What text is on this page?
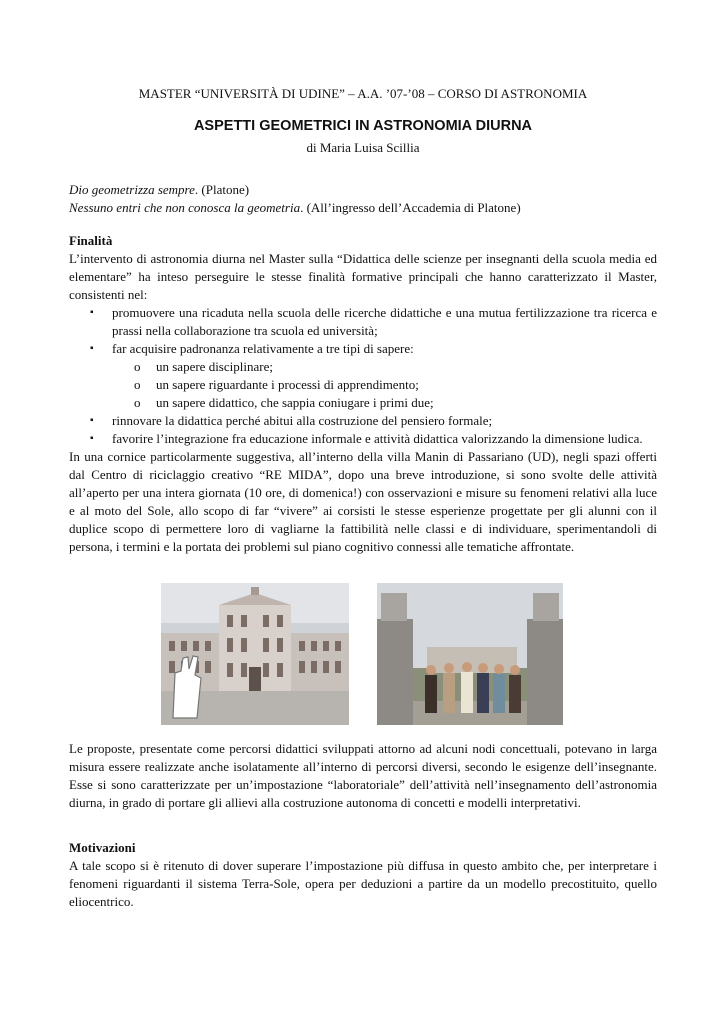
MASTER “UNIVERSITÀ DI UDINE” – A.A. ’07-’08 – CORSO DI ASTRONOMIA
ASPETTI GEOMETRICI IN ASTRONOMIA DIURNA
di Maria Luisa Scillia
Dio geometrizza sempre. (Platone)
Nessuno entri che non conosca la geometria. (All’ingresso dell’Accademia di Platone)
Finalità

L’intervento di astronomia diurna nel Master sulla “Didattica delle scienze per insegnanti della scuola media ed elementare” ha inteso perseguire le stesse finalità formative principali che hanno caratterizzato il Master, consistenti nel:

▪ promuovere una ricaduta nella scuola delle ricerche didattiche e una mutua fertilizzazione tra ricerca e prassi nella collaborazione tra scuola ed università;
▪ far acquisire padronanza relativamente a tre tipi di sapere:
o un sapere disciplinare;
o un sapere riguardante i processi di apprendimento;
o un sapere didattico, che sappia coniugare i primi due;
▪ rinnovare la didattica perché abitui alla costruzione del pensiero formale;
▪ favorire l’integrazione fra educazione informale e attività didattica valorizzando la dimensione ludica.

In una cornice particolarmente suggestiva, all’interno della villa Manin di Passariano (UD), negli spazi offerti dal Centro di riciclaggio creativo “RE MIDA”, dopo una breve introduzione, si sono svolte delle attività all’aperto per una intera giornata (10 ore, di domenica!) con osservazioni e misure su fenomeni relativi alla luce e al moto del Sole, allo scopo di far “vivere” ai corsisti le stesse esperienze progettate per gli alunni con il duplice scopo di permettere loro di vagliarne la fattibilità nelle classi e di individuare, sperimentandoli di persona, i termini e la portata dei problemi sul piano cognitivo connessi alle tematiche affrontate.

Le proposte, presentate come percorsi didattici sviluppati attorno ad alcuni nodi concettuali, potevano in larga misura essere realizzate anche isolatamente all’interno di percorsi diversi, secondo le esigenze dell’insegnante. Esse si sono caratterizzate per un’impostazione “laboratoriale” dell’attività nell’insegnamento dell’astronomia diurna, in grado di portare gli allievi alla costruzione autonoma di concetti e modelli interpretativi.

Motivazioni

A tale scopo si è ritenuto di dover superare l’impostazione più diffusa in questo ambito che, per interpretare i fenomeni riguardanti il sistema Terra-Sole, opera per deduzioni a partire da un modello precostituito, quello eliocentrico.
